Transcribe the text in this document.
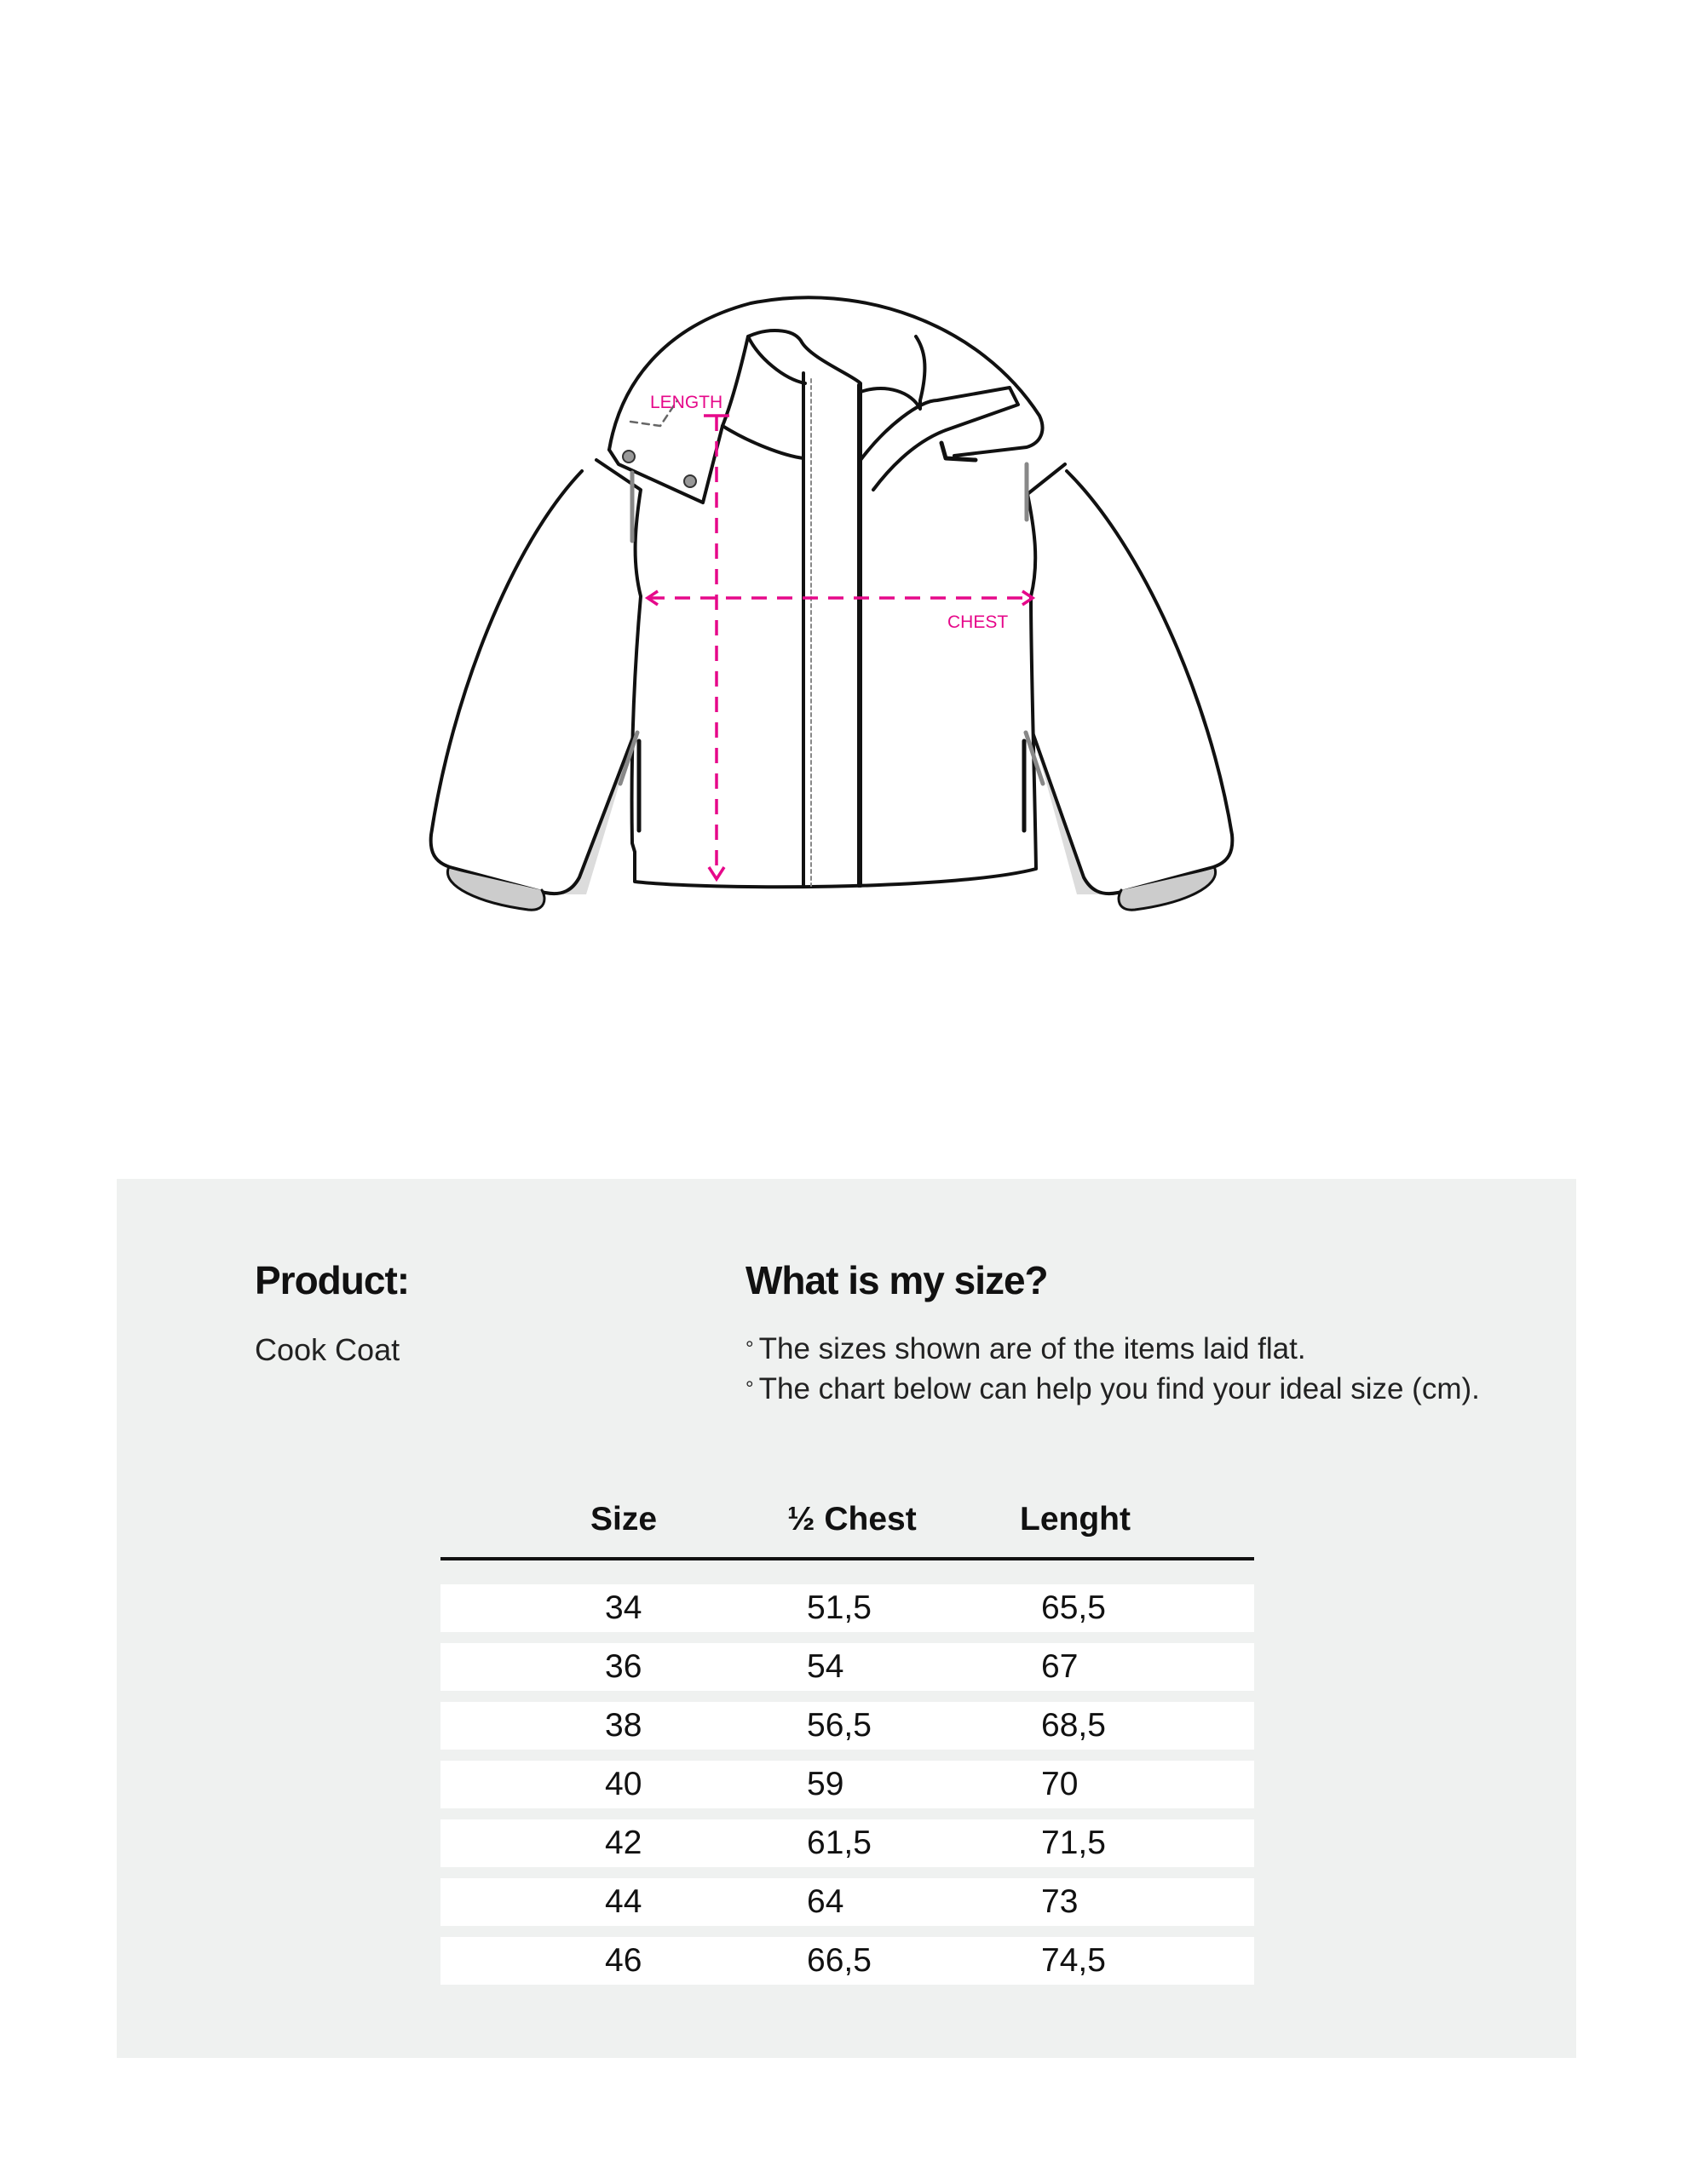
LENGTH
CHEST
Product:
Cook Coat
What is my size?
° The sizes shown are of the items laid flat.
° The chart below can help you find your ideal size (cm).
Size	½ Chest	Lenght
34	51,5	65,5
36	54	67
38	56,5	68,5
40	59	70
42	61,5	71,5
44	64	73
46	66,5	74,5
